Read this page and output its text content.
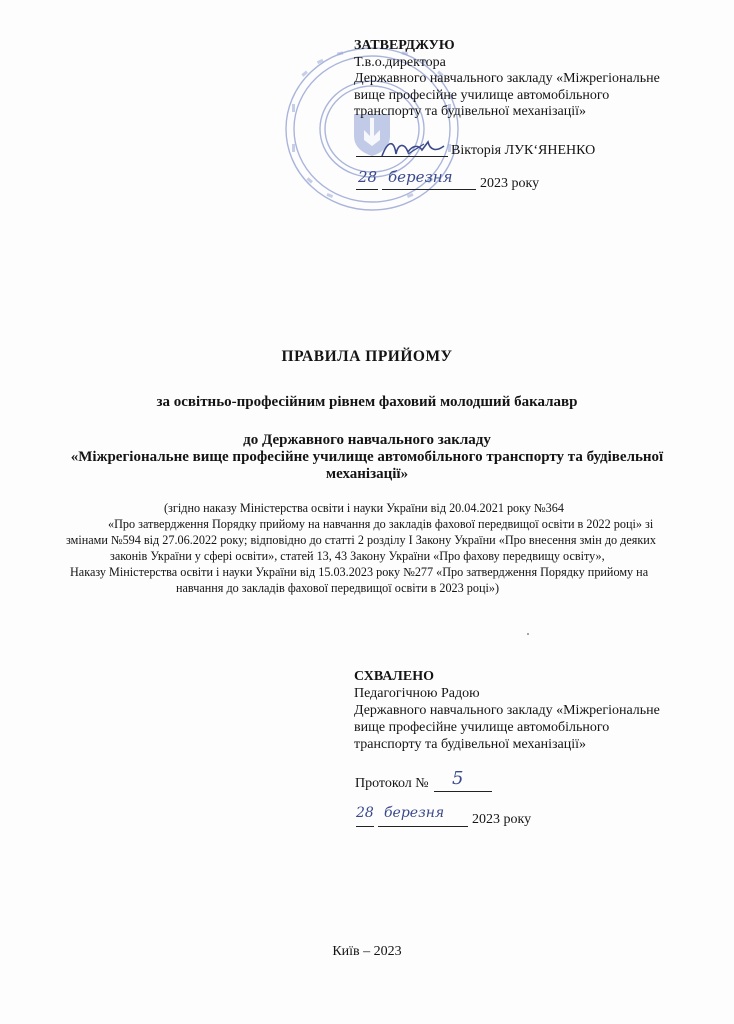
ЗАТВЕРДЖУЮ
Т.в.о.директора
Державного навчального закладу «Міжрегіональне
вище професійне училище автомобільного
транспорту та будівельної механізації»
Вікторія ЛУК‘ЯНЕНКО
28 березня 2023 року
ПРАВИЛА ПРИЙОМУ
за освітньо-професійним рівнем фаховий молодший бакалавр
до Державного навчального закладу
«Міжрегіональне вище професійне училище автомобільного транспорту та будівельної
механізації»
(згідно наказу Міністерства освіти і науки України від 20.04.2021 року №364
«Про затвердження Порядку прийому на навчання до закладів фахової передвищої освіти в 2022 році» зі
змінами №594 від 27.06.2022 року; відповідно до статті 2 розділу І Закону України «Про внесення змін до деяких
законів України у сфері освіти», статей 13, 43 Закону України «Про фахову передвищу освіту»,
Наказу Міністерства освіти і науки України від 15.03.2023 року №277 «Про затвердження Порядку прийому на
навчання до закладів фахової передвищої освіти в 2023 році»)
СХВАЛЕНО
Педагогічною Радою
Державного навчального закладу «Міжрегіональне
вище професійне училище автомобільного
транспорту та будівельної механізації»
Протокол № 5
28 березня 2023 року
Київ – 2023
